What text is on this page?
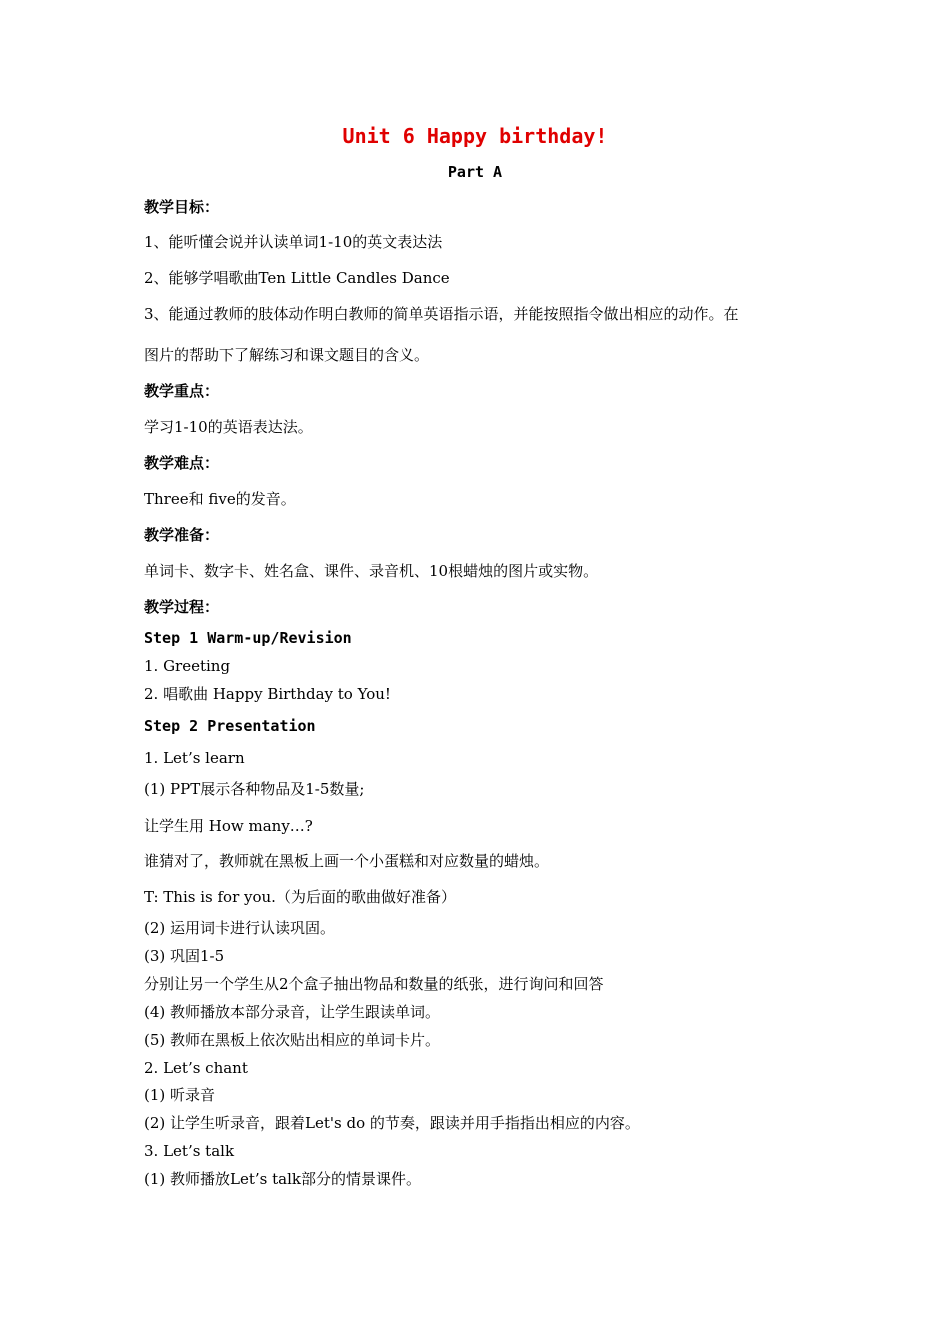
Unit 6 Happy birthday!
Part A
教学目标：
1、能听懂会说并认读单词1-10的英文表达法
2、能够学唱歌曲Ten Little Candles Dance
3、能通过教师的肢体动作明白教师的简单英语指示语，并能按照指令做出相应的动作。在
图片的帮助下了解练习和课文题目的含义。
教学重点：
学习1-10的英语表达法。
教学难点：
Three和 five的发音。
教学准备：
单词卡、数字卡、姓名盒、课件、录音机、10根蜡烛的图片或实物。
教学过程：
Step 1 Warm-up/Revision
1. Greeting
2. 唱歌曲 Happy Birthday to You!
Step 2 Presentation
1. Let’s learn
(1) PPT展示各种物品及1-5数量;
让学生用 How many…?
谁猜对了，教师就在黑板上画一个小蛋糕和对应数量的蜡烛。
T: This is for you.（为后面的歌曲做好准备）
(2) 运用词卡进行认读巩固。
(3) 巩固1-5
分别让另一个学生从2个盒子抽出物品和数量的纸张，进行询问和回答
(4) 教师播放本部分录音，让学生跟读单词。
(5) 教师在黑板上依次贴出相应的单词卡片。
2. Let’s chant
(1) 听录音
(2) 让学生听录音，跟着Let's do 的节奏，跟读并用手指指出相应的内容。
3. Let’s talk
(1) 教师播放Let’s talk部分的情景课件。
